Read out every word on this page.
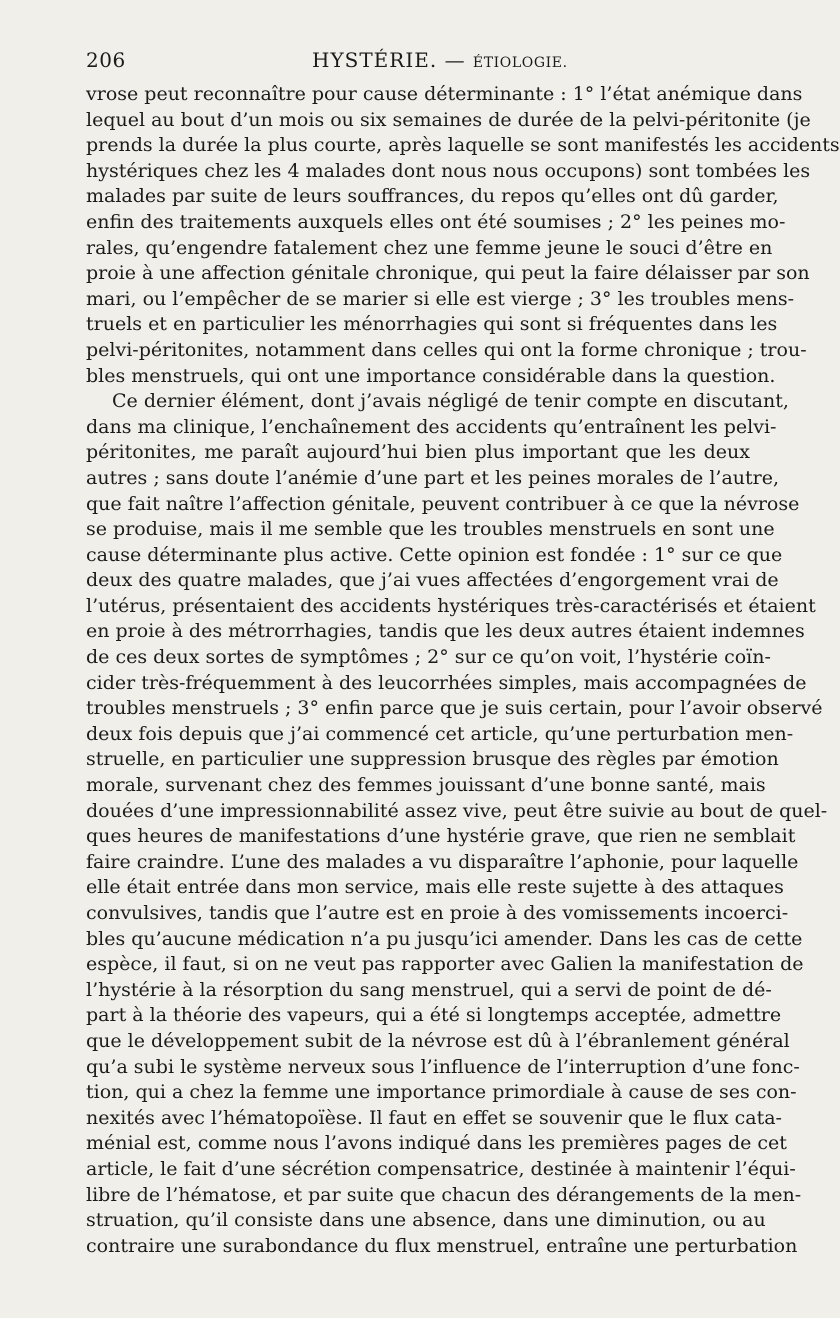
206	HYSTÉRIE. — ÉTIOLOGIE.
vrose peut reconnaître pour cause déterminante : 1° l’état anémique dans
lequel au bout d’un mois ou six semaines de durée de la pelvi-péritonite (je
prends la durée la plus courte, après laquelle se sont manifestés les accidents
hystériques chez les 4 malades dont nous nous occupons) sont tombées les
malades par suite de leurs souffrances, du repos qu’elles ont dû garder,
enfin des traitements auxquels elles ont été soumises ; 2° les peines mo-
rales, qu’engendre fatalement chez une femme jeune le souci d’être en
proie à une affection génitale chronique, qui peut la faire délaisser par son
mari, ou l’empêcher de se marier si elle est vierge ; 3° les troubles mens-
truels et en particulier les ménorrhagies qui sont si fréquentes dans les
pelvi-péritonites, notamment dans celles qui ont la forme chronique ; trou-
bles menstruels, qui ont une importance considérable dans la question.
Ce dernier élément, dont j’avais négligé de tenir compte en discutant,
dans ma clinique, l’enchaînement des accidents qu’entraînent les pelvi-
péritonites, me paraît aujourd’hui bien plus important que les deux
autres ; sans doute l’anémie d’une part et les peines morales de l’autre,
que fait naître l’affection génitale, peuvent contribuer à ce que la névrose
se produise, mais il me semble que les troubles menstruels en sont une
cause déterminante plus active. Cette opinion est fondée : 1° sur ce que
deux des quatre malades, que j’ai vues affectées d’engorgement vrai de
l’utérus, présentaient des accidents hystériques très-caractérisés et étaient
en proie à des métrorrhagies, tandis que les deux autres étaient indemnes
de ces deux sortes de symptômes ; 2° sur ce qu’on voit, l’hystérie coïn-
cider très-fréquemment à des leucorrhées simples, mais accompagnées de
troubles menstruels ; 3° enfin parce que je suis certain, pour l’avoir observé
deux fois depuis que j’ai commencé cet article, qu’une perturbation men-
struelle, en particulier une suppression brusque des règles par émotion
morale, survenant chez des femmes jouissant d’une bonne santé, mais
douées d’une impressionnabilité assez vive, peut être suivie au bout de quel-
ques heures de manifestations d’une hystérie grave, que rien ne semblait
faire craindre. L’une des malades a vu disparaître l’aphonie, pour laquelle
elle était entrée dans mon service, mais elle reste sujette à des attaques
convulsives, tandis que l’autre est en proie à des vomissements incoerci-
bles qu’aucune médication n’a pu jusqu’ici amender. Dans les cas de cette
espèce, il faut, si on ne veut pas rapporter avec Galien la manifestation de
l’hystérie à la résorption du sang menstruel, qui a servi de point de dé-
part à la théorie des vapeurs, qui a été si longtemps acceptée, admettre
que le développement subit de la névrose est dû à l’ébranlement général
qu’a subi le système nerveux sous l’influence de l’interruption d’une fonc-
tion, qui a chez la femme une importance primordiale à cause de ses con-
nexités avec l’hématopoïèse. Il faut en effet se souvenir que le flux cata-
ménial est, comme nous l’avons indiqué dans les premières pages de cet
article, le fait d’une sécrétion compensatrice, destinée à maintenir l’équi-
libre de l’hématose, et par suite que chacun des dérangements de la men-
struation, qu’il consiste dans une absence, dans une diminution, ou au
contraire une surabondance du flux menstruel, entraîne une perturbation
